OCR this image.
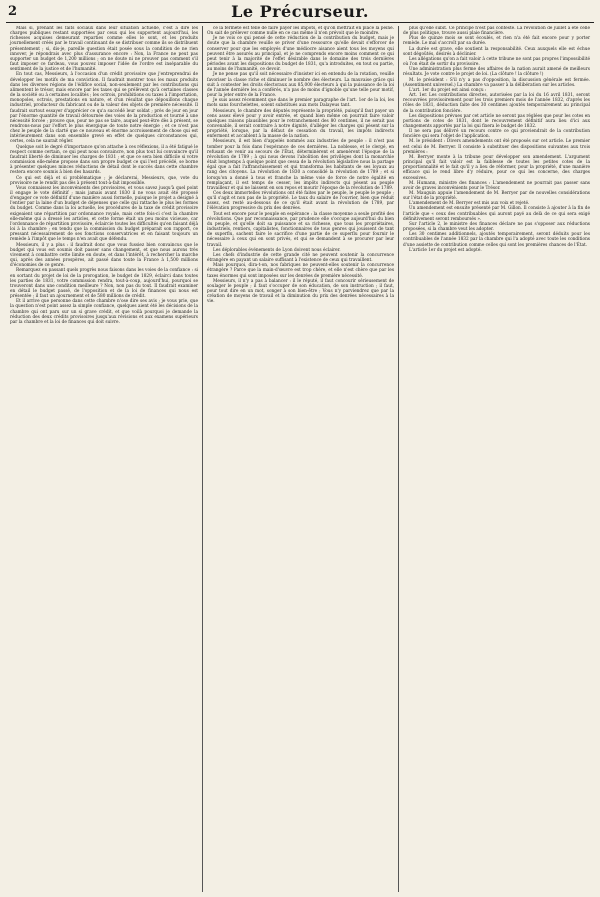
2	Le Précurseur.

Mais si, prenant les faits sociaux dans leur situation actuelle, c'est à dire les charges publiques restant supportées par ceux qui les supportent aujourd'hui, les richesses acquises demeurant reparties comme elles le sont, et les produits journellement créés par le travail continuant de se distribuer comme ils se distribuent présentement ; si, dis-je, pareille question était posée sous la condition de ne rien innover, je répondrais avec plus d'assurance encore : Non, la France ne peut pas supporter un budget de 1,200 millions ; on ne doute ni ne prouver pas comment s'il faut imposer ce fardeau, vous pouvez imposer l'idée de l'ordre est inséparable du sentiment de la justice et de l'humanité.

En tout cas, Messieurs, à l'occasion d'un crédit provisoire que j'entreprendrai de développer les motifs de ma conviction. Il faudrait montrer tous les maux produits dans les diverses régions de l'édifice social, non-seulement par les contributions qui alimentent le trésor, mais encore par les taxes qui se prélèvent qu'à certaines classes de la société ou à certaines localités ; les octrois, prohibitions ou taxes à l'importation, monopoles, octrois, prestations en nature, et d'un résultat que dépouillons chaque industriel, producteur du fabricant ou de la valeur des objets de première nécessité. Il faudrait surtout essayer d'apprécier ce qu'a succédé leur soldat ; près de jour en jour par l'énorme quantité de travail détournée des voies de la production et tourné à une nécessité forcée ; prouve que, pour ne pas se taire, auquel peut-être dès à présent, se rendrons-nous par l'effort le plus énergique de toute notre énergie ; et ce n'est pas chez le peuple de la clarté que ce nouveau et énorme accroissement de chose qui est intérieurement dans son ensemble grevé en effet de quelques circonstances qui, certes, cela ne saurait régler.

Quelque soit le degré d'importance qu'on attache à ces réflexions, il a été fatigué le respect comme certain, ce qui peut nous convaincre, non plus tout lui convaincre qu'il faudrait liberté de diminuer les charges de 1831 ; et que ce sera bien difficile si votre commission elle-même propose dans son propre budget ce qui l'est précédé, se borne à présenter quelques minces réductions de détail dont le succès dans cette chambre restera encore soumis à bien des hasards.

Ce qui est déjà et si problématique ; je déclarerai, Messieurs, que, vote du provisoire ne le rendit pas dès à présent tout-à-fait impossible.

Vous connaissez les inconvénients des provisoires, et vous savez jusqu'à quel point il engage le vote définitif ; mais jamais avant 1830 il ne vous avait été proposé d'engager ce vote définitif d'une manière aussi formelle, puisque le projet a désigné à l'entier par la laine d'un budget de dépenses que celle qui rattache le plus les formes du budget. Comme dans la loi actuelle, les procédures de la taxe de crédit provisoire exigeaient une répartition par ordonnance royale, mais cette fois-ci c'est la chambre elle-même qui a dressé les articles, et cette forme était un peu moins vicieuse, car l'ordonnance de répartition provisoire, éclaircie toutes les difficultés qu'en faisant déjà loi à la chambre ; en tendu que la commission du budget préparait son rapport, ce pressant nécessairement de ses fonctions conservatrices et en faisant toujours un remède à l'impôt que le temps n'en avait que défendu.

Messieurs, il y a plus : il faudrait donc que vous fussiez bien convaincus que le budget qui vous est soumis doit passer sans changement, et que nous aurons très vivement à combattre cette limite en doute, et dans l'intérêt, à rechercher la marche qui, après des années prospères, ait passé dans toute la France à 1,500 millions d'économies de ce genre.

Remarquez en passant quels progrès nous faisons dans les voies de la confiance : si en sortant du projet de loi de la prorogation, le budget de 1829, éclairci dans toutes les parties de 1831, votre commission rendra, tout-à-coup, aujourd'hui, pourquoi se trouveront dans une condition meilleure ? Non, non pas du tout. Il faudrait examiner en détail le budget passé, de l'opposition et de la loi de finances qui nous est présentée ; il faut un ajournement et de 580 millions de crédit.

Et il arrive que personne dans cette chambre n'ose dire ses avis ; je vous prie, que la question n'est point assez la simple confiance, quelques aient été les décisions de la chambre qui ont paru sur un si grave crédit, et que voilà pourquoi je demande la réduction des deux crédits provisoires jusqu'aux révisions et aux examens supérieurs par la chambre et la loi de finances qui doit suivre.

ce la fermeté est telle de faire payer les impôts, et qu'on mettrait en place la peine. On sait de prélever comme nulle en ce cas même il n'en prévoit que le moindre.

Je ne vois ce qui pensé de cette réduction de la contribution du budget, mais je doute que la chambre veuille se priver d'une ressource qu'elle devait s'efforcer de conserver pour que les employés d'une médiocre aisance aient tous les moyens qui peuvent être assurés au principal, et je ne comprends encore moins comment ce qui peut tenir à la majorité de l'effet désirable dans le domaine des trois dernières périodes avant les dispositions du budget de 1831, qu'a introduites, en tout ou partie, au moins de l'humanité, ce devoir.

Je ne pense pas qu'il soit nécessaire d'insister ici en entendu de la rotation, veuille favoriser la classe riche et diminuer le nombre des électeurs. La mauvaise grâce qui suit à contester les droits électoraux aux 85,000 électeurs à qui la puissance de la loi de l'année dernière les a conférés, n'a pas de moins d'ignoble qu'une telle pour motif, pour la jeter entre de la France.

Je suis assez récemment que dans le premier paragraphe de l'art. 1er de la loi, les mots sans fourchelettes, soient substitués aux mots Dalayeus tant.

Messieurs, le chambre des députés représente la propriété, puisqu'il faut payer un cens assez élevé pour y avoir entrée, et quand bien même on pourrait faire valoir quelques raisons plausibles pour le retranchement des 80 centimes, il ne serait pas convenable, il serait contraire à notre dignité, d'alléger les charges qui pèsent sur la propriété, lorsque, par la défaut de cessation du travail, les impôts indirects enferment et accablent à la masse de la nation.

Messieurs, il est bien d'appelés nommés aux industries de peuple : il n'est pas tomber pour la fois dans l'espérance de ces dernières. La noblesse, et le clergé, en refusant de venir au secours de l'État, déterminèrent et amenèrent l'époque de la révolution de 1789 ; à qui nous devons l'abolition des privilèges dont la monarchie était longtemps à quelque point que cessa de la révolution législative nous la partage égal que a fait l'affranchissement et qui transforma les habitants de ses loyaux au rang des citoyens. La révolution de 1830 a consolidé la révolution de 1789 ; et si lorsqu'on a donné à tous et franche la même voie de force de notre égalité en remplaçant, il est temps de cesser, les impôts indirects qui pèsent au peuple travailleur et qui ne laissent en son repos et mourir l'époque de la révolution de 1789.

Ces deux immortelles révolutions ont été faites par le peuple, le peuple le peuple ; qu'il s'agit et non pas de la propriété. Le taux du salaire de l'ouvrier, bien que réduit assez, est resté au-dessous de ce qu'il était avant la révolution de 1789, par l'élévation progressive du prix des denrées.

Tout est encore pour le peuple en espérance : la classe moyenne a seule profité des révolutions. Que par reconnaissance, par prudence elle s'occupe aujourd'hui du bien du peuple, et qu'elle doit sa puissance et sa richesse, que tous les propriétaires, industriels, rentiers, capitalistes, fonctionnaires de tous genres qui jouissent de tant de superflu, sachent faire le sacrifice d'une partie de ce superflu pour fournir le nécessaire à ceux qui en sont privés, et qui se demandent à se procurer par leur travail.

Les déplorables événements de Lyon doivent nous éclairer.

Les chefs d'industrie de cette grande cité ne peuvent soutenir la concurrence étrangère en payant un salaire suffisant à l'existence de ceux qui travaillent.

Mais pourquoi, dira-t-on, nos fabriques ne peuvent-elles soutenir la concurrence étrangère ? Parce que la main-d'œuvre est trop chère, et elle n'est chère que par les taxes énormes qui sont imposées sur les denrées de première nécessité.

Messieurs, il n'y a pas à balancer : il le réputé, il faut concourir sérieusement de soulager le peuple ; il faut s'occuper de son éducation, de son instruction ; il faut, pour tout dire en un mot, songer à son bien-être ; Vous n'y parviendrez que par la création de moyens de travail et la diminution du prix des denrées nécessaires à la vie.

plus qu'elle subit. Ce principe n'est pas contesté. La révolution de juillet a été celle de plus politique, trouve aussi plaie financière.

Plus de quinze mois se sont écoulés, et rien n'a été fait encore pour y porter remède. Le mal s'accroît par sa durée.

La durée est grave, elle soutient la responsabilité. Ceux auxquels elle est échue sont dégoûtés, désirés à déclinier.

Les allégations qu'on a fait valoir à cette tribune ne sont pas propres l'impossibilité où l'on était de sortir du provisoire.

Une administration plus ferme des affaires de la nation aurait amené de meilleurs résultats. Je vote contre le projet de loi. (La clôture ! la clôture !)

M. le président : S'il n'y a pas d'opposition, la discussion générale est fermée. (Assentiment universel.) La chambre va passer à la délibération sur les articles.

L'art. 1er du projet est ainsi conçu :

Art. 1er. Les contributions directes, autorisées par la loi du 16 avril 1831, seront recouvrées provisoirement pour les trois premiers mois de l'année 1832, d'après les rôles de 1831, déduction faite des 30 centimes ajoutés temporairement au principal de la contribution foncière.

Les dispositions prévues par cet article ne seront pas réglées que pour les cotes en portions de cotes de 1831, dont le recouvrement définitif aura lieu d'ici aux changements apportés par la loi qui fixera le budget de 1832.

Il ne sera pas délivré un recours contre ce qui proviendrait de la contribution foncière qui sera l'objet de l'application.

M. le président : Divers amendements ont été proposés sur cet article. Le premier est celui de M. Berryer. Il consiste à substituer des dispositions suivantes aux trois premières :

M. Berryer monte à la tribune pour développer son amendement. L'argument principal qu'il fait valoir est la faiblesse de toutes les petites cotes de la proportionnalité et le fait qu'il y a lieu de réformer, pour la propriété, d'une manière efficace qui le rend libre d'y réduire, pour ce qui les concerne, des charges excessives.

M. Humann, ministre des finances : L'amendement ne pourrait pas passer sans avoir de graves inconvénients pour le Trésor.

M. Mauguin appuie l'amendement de M. Berryer par de nouvelles considérations sur l'état de la propriété.

L'amendement de M. Berryer est mis aux voix et rejeté.

Un amendement est ensuite présenté par M. Gillon. Il consiste à ajouter à la fin de l'article que « ceux des contribuables qui auront payé au delà de ce qui sera exigé définitivement seront remboursés ».

Sur l'article 2, le ministre des finances déclare ne pas s'opposer aux réductions proposées, si la chambre veut les adopter.

Les 30 centimes additionnels, ajoutés temporairement, seront déduits pour les contribuables de l'année 1832 par la chambre qui l'a adopté avec toute les conditions d'une assiette de contribution comme celles qui sont les premières chances de l'État.

L'article 1er du projet est adopté.
